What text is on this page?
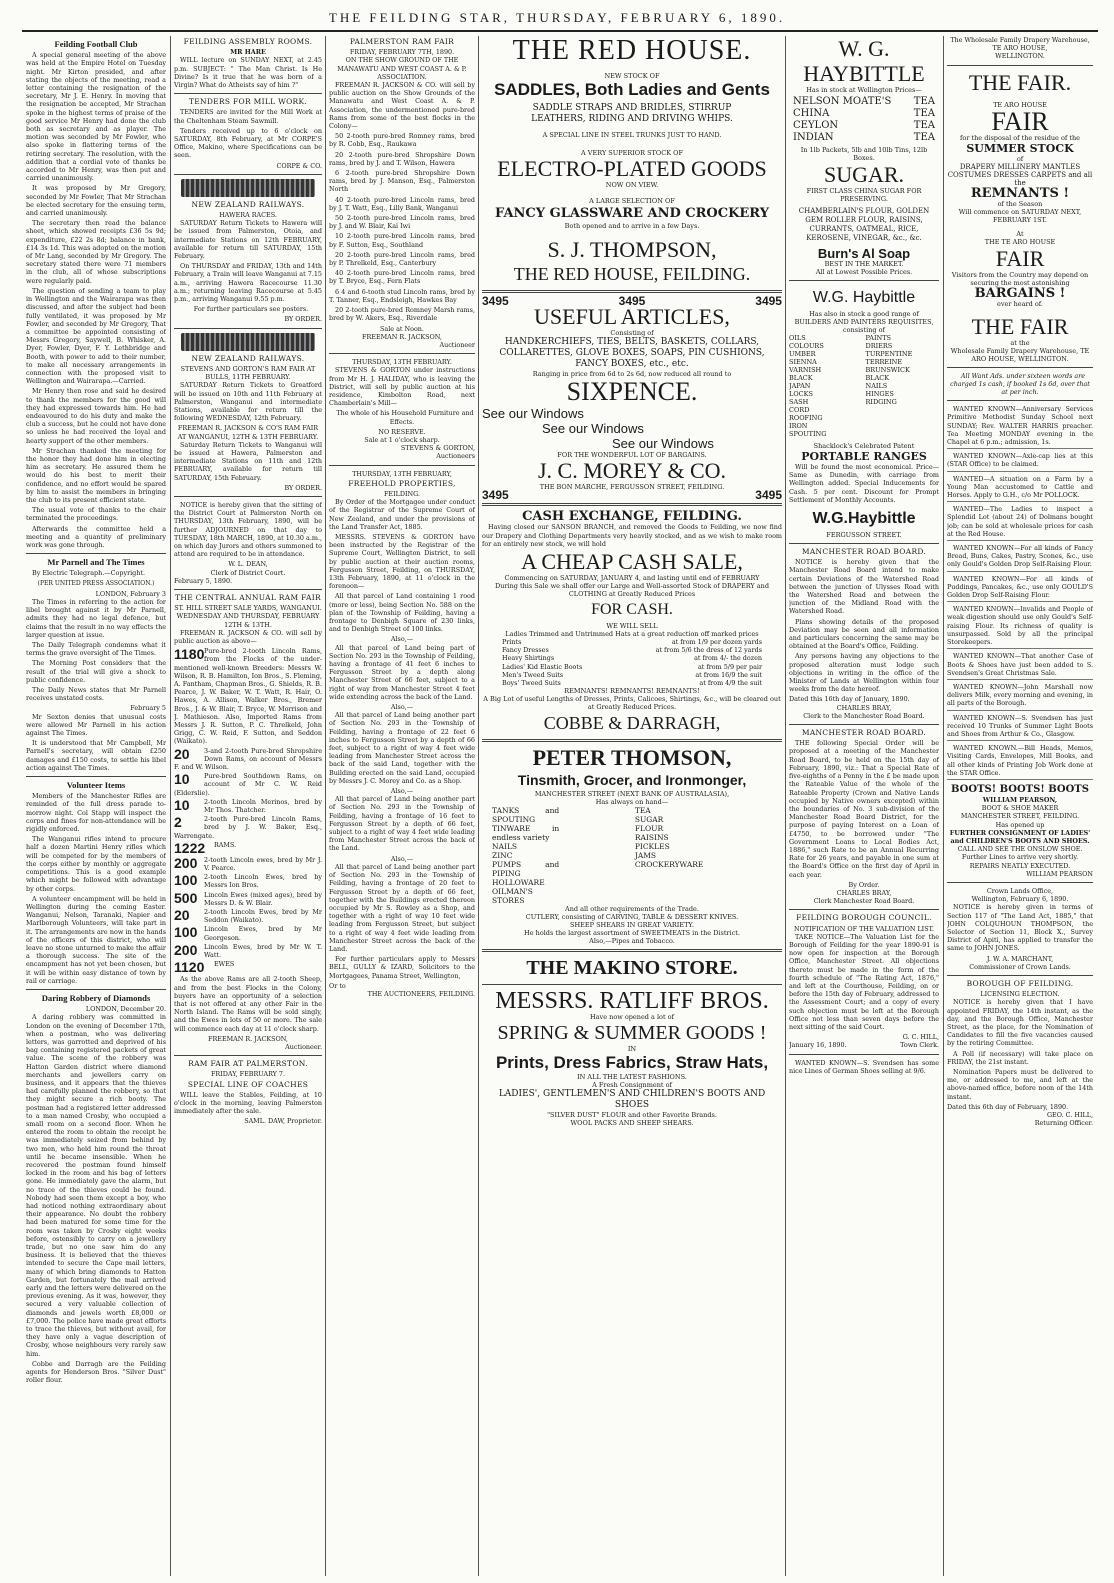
THE FEILDING STAR, THURSDAY, FEBRUARY 6, 1890.
Feilding Football Club

A special general meeting of the above was held at the Empire Hotel on Tuesday night. Mr Kirton presided, and after stating the objects of the meeting, read a letter containing the resignation of the secretary, Mr J. E. Henry. In moving that the resignation be accepted, Mr Strachan spoke in the highest terms of praise of the good service Mr Henry had done the club both as secretary and as player. The motion was seconded by Mr Fowler, who also spoke in flattering terms of the retiring secretary. The resolution, with the addition that a cordial vote of thanks be accorded to Mr Henry, was then put and carried unanimously.

It was proposed by Mr Gregory, seconded by Mr Fowler, That Mr Strachan be elected secretary for the ensuing term, and carried unanimously.

The secretary then read the balance sheet, which showed receipts £36 5s 9d; expenditure, £22 2s 8d; balance in bank, £14 3s 1d. This was adopted on the motion of Mr Lang, seconded by Mr Gregory. The secretary stated there were 71 members in the club, all of whose subscriptions were regularly paid.

The question of sending a team to play in Wellington and the Wairarapa was then discussed, and after the subject had been fully ventilated, it was proposed by Mr Fowler, and seconded by Mr Gregory, That a committee be appointed consisting of Messrs Gregory, Saywell, B. Whisker, A. Dyer, Fowler, Dyer, F. Y. Lethbridge and Booth, with power to add to their number, to make all necessary arrangements in connection with the proposed visit to Wellington and Wairarapa.—Carried.

Mr Henry then rose and said he desired to thank the members for the good will they had expressed towards him. He had endeavoured to do his duty and make the club a success, but he could not have done so unless he had received the loyal and hearty support of the other members.

Mr Strachan thanked the meeting for the honor they had done him in electing him as secretary. He assured them he would do his best to merit their confidence, and no effort would be spared by him to assist the members in bringing the club to its present efficient state.

The usual vote of thanks to the chair terminated the proceedings.

Afterwards the committee held a meeting and a quantity of preliminary work was gone through.

Mr Parnell and The Times

By Electric Telegraph.—Copyright.

(PER UNITED PRESS ASSOCIATION.)
LONDON, February 3

The Times in referring to the action for libel brought against it by Mr Parnell, admits they had no legal defence, but claims that the result in no way effects the larger question at issue.

The Daily Telegraph condemns what it terms the grave oversight of The Times.

The Morning Post considers that the result of the trial will give a shock to public confidence.

The Daily News states that Mr Parnell receives unstated costs.

February 5

Mr Sexton denies that unusual costs were allowed Mr Parnell in his action against The Times.

It is understood that Mr Campbell, Mr Parnell's secretary, will obtain £250 damages and £150 costs, to settle his libel action against The Times.

Volunteer Items

Members of the Manchester Rifles are reminded of the full dress parade to-morrow night. Col Stapp will inspect the corps and fines for non-attendance will be rigidly enforced.

The Wanganui rifles intend to procure half a dozen Martini Henry rifles which will be competed for by the members of the corps either by monthly or aggregate competitions. This is a good example which might be followed with advantage by other corps.

A volunteer encampment will be held in Wellington during the coming Easter. Wanganui, Nelson, Taranaki, Napier and Marlborough Volunteers, will take part in it. The arrangements are now in the hands of the officers of this district, who will leave no stone unturned to make the affair a thorough success. The site of the encampment has not yet been chosen, but it will be within easy distance of town by rail or carriage.

Daring Robbery of Diamonds
LONDON, December 20.

A daring robbery was committed in London on the evening of December 17th, when a postman, who was delivering letters, was garrotted and deprived of his bag containing registered packets of great value. The scene of the robbery was Hatton Garden district where diamond merchants and jewellers carry on business, and it appears that the thieves had carefully planned the robbery, so that they might secure a rich booty. The postman had a registered letter addressed to a man named Crosby, who occupied a small room on a second floor. When he entered the room to obtain the receipt he was immediately seized from behind by two men, who held him round the throat until he became insensible. When he recovered the postman found himself locked in the room and his bag of letters gone. He immediately gave the alarm, but no trace of the thieves could be found. Nobody had seen them except a boy, who had noticed nothing extraordinary about their appearance. No doubt the robbery had been matured for some time for the room was taken by Crosby eight weeks before, ostensibly to carry on a jewellery trade, but no one saw him do any business. It is believed that the thieves intended to secure the Cape mail letters, many of which bring diamonds to Hatton Garden, but fortunately the mail arrived early and the letters were delivered on the previous evening. As it was, however, they secured a very valuable collection of diamonds and jewels worth £8,000 or £7,000. The police have made great efforts to trace the thieves, but without avail, for they have only a vague description of Crosby, whose neighbours very rarely saw him.

Cobbe and Darragh are the Feilding agents for Henderson Bros. "Silver Dust" roller flour.

FEILDING ASSEMBLY ROOMS.
MR HARE

WILL lecture on SUNDAY NEXT, at 2.45 p.m. SUBJECT: " The Man Christ. Is He Divine? Is it true that he was born of a Virgin? What do Atheists say of him ?"

TENDERS FOR MILL WORK.

TENDERS are invited for the Mill Work at the Cheltenham Steam Sawmill.

Tenders received up to 6 o'clock on SATURDAY, 8th February, at Mr CORPE'S Office, Makino, where Specifications can be seen.

CORPE & CO.
NEW ZEALAND RAILWAYS.
HAWERA RACES.

SATURDAY Return Tickets to Hawera will be issued from Palmerston, Otoia, and intermediate Stations on 12th FEBRUARY, available for return till SATURDAY, 15th February.

On THURSDAY and FRIDAY, 13th and 14th February, a Train will leave Wanganui at 7.15 a.m., arriving Hawera Racecourse 11.30 a.m.; returning leaving Racecourse at 5.45 p.m., arriving Wanganui 9.55 p.m.

For further particulars see posters.

BY ORDER.
NEW ZEALAND RAILWAYS.
STEVENS AND GORTON'S RAM FAIR AT BULLS, 11TH FEBRUARY.

SATURDAY Return Tickets to Greatford will be issued on 10th and 11th February at Palmerston, Wanganui and intermediate Stations, available for return till the following WEDNESDAY, 12th February.

FREEMAN R. JACKSON & CO'S RAM FAIR AT WANGANUI, 12TH & 13TH FEBRUARY.

Saturday Return Tickets to Wanganui will be issued at Hawera, Palmerston and intermediate Stations on 11th and 12th FEBRUARY, available for return till SATURDAY, 15th February.

BY ORDER.

NOTICE is hereby given that the sitting of the District Court at Palmerston North on THURSDAY, 13th February, 1890, will be further ADJOURNED on that day to TUESDAY, 18th MARCH, 1890, at 10.30 a.m., on which day Jurors and others summoned to attend are required to be in attendance.

W. L. DEAN,
Clerk of District Court.
February 5, 1890.
THE CENTRAL ANNUAL RAM FAIR
ST. HILL STREET SALE YARDS, WANGANUI.
WEDNESDAY AND THURSDAY, FEBRUARY 12TH & 13TH.

FREEMAN R. JACKSON & CO. will sell by public auction as above—

1180 Pure-bred 2-tooth Lincoln Rams, from the Flocks of the under-mentioned well-known Breeders: Messrs W. Wilson, R. B. Hamilton, Ion Bros., S. Fleming, A. Fantham, Chapman Bros., G. Shields, R. B. Pearce, J. W. Baker, W. T. Watt, R. Hair, O. Hawes, A. Allison, Walker Bros., Bremer Bros., J. & W. Blair, T. Bryce, W. Morrison and J. Mathieson. Also, Imported Rams from Messrs J. R. Sutton, P. C. Threlkeld, John Grigg, C. W. Reid, F. Sutton, and Seddon (Waikato).
20	3-and 2-tooth Pure-bred Shropshire Down Rams, on account of Messrs F. and W. Wilson.
10	Pure-bred Southdown Rams, on account of Mr C. W. Reid (Elderslie).
10	2-tooth Lincoln Merinos, bred by Mr Thos. Thatcher.
2	2-tooth Pure-bred Lincoln Rams, bred by J. W. Baker, Esq., Warrengate.
1222	RAMS.
200	2-tooth Lincoln ewes, bred by Mr J. V. Pearce.
100	2-tooth Lincoln Ewes, bred by Messrs Ion Bros.
500	Lincoln Ewes (mixed ages), bred by Messrs D. & W. Blair.
20	2-tooth Lincoln Ewes, bred by Mr Seddon (Waikato).
100	Lincoln Ewes, bred by Mr Georgeson.
200	Lincoln Ewes, bred by Mr W. T. Watt.
1120	EWES

As the above Rams are all 2-tooth Sheep, and from the best Flocks in the Colony, buyers have an opportunity of a selection that is not offered at any other Fair in the North Island. The Rams will be sold singly, and the Ewes in lots of 50 or more. The sale will commence each day at 11 o'clock sharp.

FREEMAN R. JACKSON,
Auctioneer.
RAM FAIR AT PALMERSTON.
FRIDAY, FEBRUARY 7.
SPECIAL LINE OF COACHES

WILL leave the Stables, Feilding, at 10 o'clock in the morning, leaving Palmerston immediately after the sale.

SAML. DAW, Proprietor.
PALMERSTON RAM FAIR
FRIDAY, FEBRUARY 7TH, 1890.
ON THE SHOW GROUND OF THE MANAWATU AND WEST COAST A. & P. ASSOCIATION.

FREEMAN R. JACKSON & CO. will sell by public auction on the Show Grounds of the Manawatu and West Coast A. & P. Association, the undermentioned pure-bred Rams from some of the best flocks in the Colony—

50 2-tooth pure-bred Romney rams, bred by R. Cobb, Esq., Raukawa

20 2-tooth pure-bred Shropshire Down rams, bred by J. and T. Wilson, Hawera

6 2-tooth pure-bred Shropshire Down rams, bred by J. Manson, Esq., Palmerston North

40 2-tooth pure-bred Lincoln rams, bred by J. T. Watt, Esq., Lilly Bank, Wanganui

50 2-tooth pure-bred Lincoln rams, bred by J. and W. Blair, Kai Iwi

10 2-tooth pure-bred Lincoln rams, bred by F. Sutton, Esq., Southland

20 2-tooth pure-bred Lincoln rams, bred by P. Threlkeld, Esq., Canterbury

40 2-tooth pure-bred Lincoln rams, bred by T. Bryce, Esq., Fern Flats

6 4 and 6-tooth stud Lincoln rams, bred by T. Tanner, Esq., Endsleigh, Hawkes Bay

20 2-tooth pure-bred Romney Marsh rams, bred by W. Akers, Esq., Riverdale

Sale at Noon.
FREEMAN R. JACKSON,
Auctioneer
THURSDAY, 13TH FEBRUARY.

STEVENS & GORTON under instructions from Mr H. J. HALIDAY, who is leaving the District, will sell by public auction at his residence, Kimbolton Road, next Chamberlain's Mill—

The whole of his Household Furniture and Effects.

NO RESERVE.
Sale at 1 o'clock sharp.
STEVENS & GORTON,
Auctioneers
THURSDAY, 13TH FEBRUARY,
FREEHOLD PROPERTIES,
FEILDING.

By Order of the Mortgagee under conduct of the Registrar of the Supreme Court of New Zealand, and under the provisions of the Land Transfer Act, 1885.

MESSRS. STEVENS & GORTON have been instructed by the Registrar of the Supreme Court, Wellington District, to sell by public auction at their auction rooms, Fergusson Street, Feilding, on THURSDAY, 13th February, 1890, at 11 o'clock in the forenoon—

All that parcel of Land containing 1 rood (more or less), being Section No. 588 on the plan of the Township of Feilding, having a frontage to Denbigh Square of 230 links, and to Denbigh Street of 100 links.

Also,—

All that parcel of Land being part of Section No. 293 in the Township of Feilding, having a frontage of 41 feet 6 inches to Fergusson Street by a depth along Manchester Street of 66 feet, subject to a right of way from Manchester Street 4 feet wide extending across the back of the Land.

Also,—

All that parcel of Land being another part of Section No. 293 in the Township of Feilding, having a frontage of 22 feet 6 inches to Fergusson Street by a depth of 66 feet, subject to a right of way 4 feet wide leading from Manchester Street across the back of the said Land, together with the Building erected on the said Land, occupied by Messrs J. C. Morey and Co. as a Shop.

Also,—

All that parcel of Land being another part of Section No. 293 in the Township of Feilding, having a frontage of 16 feet to Fergusson Street by a depth of 66 feet, subject to a right of way 4 feet wide leading from Manchester Street across the back of the Land.

Also,—

All that parcel of Land being another part of Section No. 293 in the Township of Feilding, having a frontage of 20 feet to Fergusson Street by a depth of 66 feet, together with the Buildings erected thereon occupied by Mr S. Rowley as a Shop, and together with a right of way 10 feet wide leading from Fergusson Street, but subject to a right of way 4 feet wide leading from Manchester Street across the back of the Land.

For further particulars apply to Messrs BELL, GULLY & IZARD, Solicitors to the Mortgagees, Panama Street, Wellington,

Or to
THE AUCTIONEERS, FEILDING.
THE RED HOUSE.
NEW STOCK OF
SADDLES, Both Ladies and Gents
SADDLE STRAPS AND BRIDLES, STIRRUP LEATHERS, RIDING AND DRIVING WHIPS.
A SPECIAL LINE IN STEEL TRUNKS JUST TO HAND.
A VERY SUPERIOR STOCK OF
ELECTRO-PLATED GOODS
NOW ON VIEW.
A LARGE SELECTION OF
FANCY GLASSWARE AND CROCKERY
Both opened and to arrive in a few Days.
S. J. THOMPSON,
THE RED HOUSE, FEILDING.
3495	3495	3495
USEFUL ARTICLES,
Consisting of
HANDKERCHIEFS, TIES, BELTS, BASKETS, COLLARS, COLLARETTES, GLOVE BOXES, SOAPS, PIN CUSHIONS, FANCY BOXES, etc., etc.
Ranging in price from 6d to 2s 6d, now reduced all round to
SIXPENCE.
See our Windows
See our Windows
See our Windows
FOR THE WONDERFUL LOT OF BARGAINS.
J. C. MOREY & CO.
THE BON MARCHE, FERGUSSON STREET, FEILDING.
3495	3495
CASH EXCHANGE, FEILDING.

Having closed our SANSON BRANCH, and removed the Goods to Feilding, we now find our Drapery and Clothing Departments very heavily stocked, and as we wish to make room for an entirely new stock, we will hold

A CHEAP CASH SALE,
Commencing on SATURDAY, JANUARY 4, and lasting until end of FEBRUARY
During this Sale we shall offer our Large and Well-assorted Stock of DRAPERY and CLOTHING at Greatly Reduced Prices
FOR CASH.
WE WILL SELL
Ladies Trimmed and Untrimmed Hats at a great reduction off marked prices
Prints	at from 1/9 per dozen yards
Fancy Dresses	at from 5/6 the dress of 12 yards
Heavy Shirtings	at from 4/- the dozen
Ladies' Kid Elastic Boots	at from 5/9 per pair
Men's Tweed Suits	at from 16/9 the suit
Boys' Tweed Suits	at from 4/9 the suit
REMNANTS! REMNANTS! REMNANTS!
A Big Lot of useful Lengths of Dresses, Prints, Calicoes, Shirtings, &c., will be cleared out at Greatly Reduced Prices.
COBBE & DARRAGH,
PETER THOMSON,
Tinsmith, Grocer, and Ironmonger,
MANCHESTER STREET (NEXT BANK OF AUSTRALASIA),
Has always on hand—
TANKS and SPOUTING
TINWARE in endless variety
NAILS
ZINC
PUMPS and PIPING
HOLLOWARE
OILMAN'S STORES
TEA
SUGAR
FLOUR
RAISINS
PICKLES
JAMS
CROCKERYWARE
And all other requirements of the Trade.
CUTLERY, consisting of CARVING, TABLE & DESSERT KNIVES.
SHEEP SHEARS IN GREAT VARIETY.
He holds the largest assortment of SWEETMEATS in the District.
Also,—Pipes and Tobacco.
THE MAKINO STORE.
MESSRS. RATLIFF BROS.
Have now opened a lot of
SPRING & SUMMER GOODS !
IN
Prints, Dress Fabrics, Straw Hats,
IN ALL THE LATEST FASHIONS.
A Fresh Consignment of
LADIES', GENTLEMEN'S AND CHILDREN'S BOOTS AND SHOES
"SILVER DUST" FLOUR and other Favorite Brands.
WOOL PACKS AND SHEEP SHEARS.
W. G. HAYBITTLE
Has in stock at Wellington Prices—
NELSON MOATE'S TEA
CHINA	TEA
CEYLON	TEA
INDIAN	TEA
In 1lb Packets, 5lb and 10lb Tins, 12lb Boxes.
SUGAR.
FIRST CLASS CHINA SUGAR FOR PRESERVING.
CHAMBERLAIN'S FLOUR, GOLDEN GEM ROLLER FLOUR, RAISINS, CURRANTS, OATMEAL, RICE, KEROSENE, VINEGAR, &c., &c.
Burn's Al Soap
BEST IN THE MARKET.
All at Lowest Possible Prices.
W.G. Haybittle
Has also in stock a good range of
BUILDERS AND PAINTERS REQUISITES,
consisting of
OILS
COLOURS
UMBER
SIENNA
VARNISH
BLACK JAPAN
LOCKS
SASH CORD
ROOFING IRON
SPOUTING
PAINTS
DRIERS
TURPENTINE
TERREINE
BRUNSWICK BLACK
NAILS
HINGES
RIDGING
Shacklock's Celebrated Patent
PORTABLE RANGES

Will be found the most economical. Price—Same as Dunedin, with carriage from Wellington added. Special Inducements for Cash. 5 per cent. Discount for Prompt Settlement of Monthly Accounts.

W.G.Haybittle
FERGUSSON STREET.
MANCHESTER ROAD BOARD.

NOTICE is hereby given that the Manchester Road Board intend to make certain Deviations of the Watershed Road between the junction of Ulysses Road with the Watershed Road and between the junction of the Midland Road with the Watershed Road.

Plans showing details of the proposed Deviation may be seen and all information and particulars concerning the same may be obtained at the Board's Office, Feilding.

Any persons having any objections to the proposed alteration must lodge such objections in writing in the office of the Minister of Lands at Wellington within four weeks from the date hereof.

Dated this 16th day of January, 1890.
CHARLES BRAY,
Clerk to the Manchester Road Board.
MANCHESTER ROAD BOARD.

THE following Special Order will be proposed at a meeting of the Manchester Road Board, to be held on the 15th day of February, 1890, viz.: That a Special Rate of five-eighths of a Penny in the £ be made upon the Rateable Value of the whole of the Rateable Property (Crown and Native Lands occupied by Native owners excepted) within the boundaries of No. 3 sub-division of the Manchester Road Board District, for the purpose of paying Interest on a Loan of £4750, to be borrowed under "The Government Loans to Local Bodies Act, 1886," such Rate to be an Annual Recurring Rate for 26 years, and payable in one sum at the Board's Office on the first day of April in each year.

By Order.
CHARLES BRAY,
Clerk Manchester Road Board.
FEILDING BOROUGH COUNCIL.
NOTIFICATION OF THE VALUATION LIST.

TAKE NOTICE—The Valuation List for the Borough of Feilding for the year 1890-91 is now open for inspection at the Borough Office, Manchester Street. All objections thereto must be made in the form of the fourth schedule of "The Rating Act, 1876," and left at the Courthouse, Feilding, on or before the 15th day of February, addressed to the Assessment Court; and a copy of every such objection must be left at the Borough Office not less than seven days before the next sitting of the said Court.

G. C. HILL,
January 16, 1890.	Town Clerk.

WANTED KNOWN—S. Svendsen has some nice Lines of German Shoes selling at 9/6.

The Wholesale Family Drapery Warehouse,
TE ARO HOUSE,
WELLINGTON.
THE FAIR.
TE ARO HOUSE
FAIR
for the disposal of the residue of the
SUMMER STOCK
of
DRAPERY MILLINERY MANTLES COSTUMES DRESSES CARPETS and all the
REMNANTS !
of the Season
Will commence on SATURDAY NEXT, FEBRUARY 1ST.
At
THE TE ARO HOUSE
FAIR
Visitors from the Country may depend on securing the most astonishing
BARGAINS !
ever heard of.
THE FAIR
at the
Wholesale Family Drapery Warehouse, TE ARO HOUSE, WELLINGTON.

All Want Ads. under sixteen words are charged 1s cash, if booked 1s 6d, over that at per inch.

WANTED KNOWN—Anniversary Services Primitive Methodist Sunday School next SUNDAY; Rev. WALTER HARRIS preacher. Tea Meeting MONDAY evening in the Chapel at 6 p.m.; admission, 1s.

WANTED KNOWN—Axle-cap lies at this (STAR Office) to be claimed.

WANTED—A situation on a Farm by a Young Man accustomed to Cattle and Horses. Apply to G.H., c/o Mr POLLOCK.

WANTED—The Ladies to inspect a Splendid Lot (about 24) of Dolmans bought job; can be sold at wholesale prices for cash at the Red House.

WANTED KNOWN—For all kinds of Fancy Bread, Buns, Cakes, Pastry, Scones, &c., use only Gould's Golden Drop Self-Raising Flour.

WANTED KNOWN—For all kinds of Puddings, Pancakes, &c., use only GOULD'S Golden Drop Self-Raising Flour.

WANTED KNOWN—Invalids and People of weak digestion should use only Gould's Self-raising Flour. Its richness of quality is unsurpassed. Sold by all the principal Storekeepers.

WANTED KNOWN—That another Case of Boots & Shoes have just been added to S. Svendsen's Great Christmas Sale.

WANTED KNOWN—John Marshall now delivers Milk, every morning and evening, in all parts of the Borough.

WANTED KNOWN—S. Svendsen has just received 10 Trunks of Summer Light Boots and Shoes from Arthur & Co., Glasgow.

WANTED KNOWN.—Bill Heads, Memos, Visiting Cards, Envelopes, Mill Books, and all other kinds of Printing Job Work done at the STAR Office.

BOOTS! BOOTS! BOOTS
WILLIAM PEARSON,
BOOT & SHOE MAKER
MANCHESTER STREET, FEILDING.
Has opened up
FURTHER CONSIGNMENT OF LADIES' and CHILDREN'S BOOTS AND SHOES.
CALL AND SEE THE ONSLOW SHOE.
Further Lines to arrive very shortly.
REPAIRS NEATLY EXECUTED.
WILLIAM PEARSON
Crown Lands Office,
Wellington, February 6, 1890.

NOTICE is hereby given in terms of Section 117 of "The Land Act, 1885," that JOHN COLQUHOUN THOMPSON, the Selector of Section 11, Block X., Survey District of Apiti, has applied to transfer the same to JOHN JONES.

J. W. A. MARCHANT,
Commissioner of Crown Lands.
BOROUGH OF FEILDING.
LICENSING ELECTION.

NOTICE is hereby given that I have appointed FRIDAY, the 14th instant, as the day, and the Borough Office, Manchester Street, as the place, for the Nomination of Candidates to fill the five vacancies caused by the retiring Committee.

A Poll (if necessary) will take place on FRIDAY, the 21st instant.

Nomination Papers must be delivered to me, or addressed to me, and left at the above-named office, before noon of the 14th instant.

Dated this 6th day of February, 1890.
GEO. C. HILL,
Returning Officer.
